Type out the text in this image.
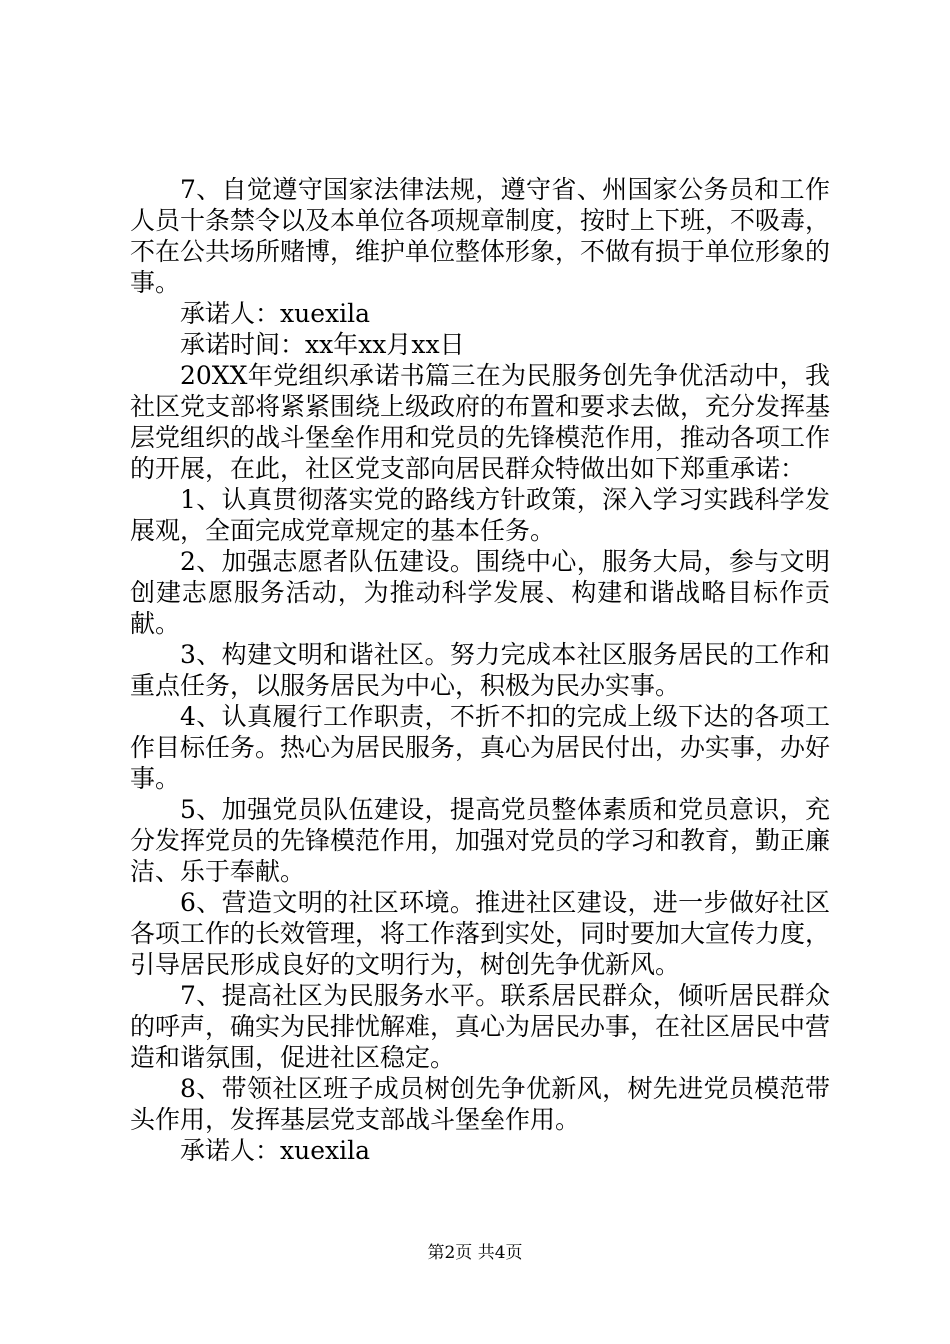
7、自觉遵守国家法律法规，遵守省、州国家公务员和工作人员十条禁令以及本单位各项规章制度，按时上下班，不吸毒，不在公共场所赌博，维护单位整体形象，不做有损于单位形象的事。

承诺人：xuexila

承诺时间：xx年xx月xx日

20XX年党组织承诺书篇三在为民服务创先争优活动中，我社区党支部将紧紧围绕上级政府的布置和要求去做，充分发挥基层党组织的战斗堡垒作用和党员的先锋模范作用，推动各项工作的开展，在此，社区党支部向居民群众特做出如下郑重承诺：

1、认真贯彻落实党的路线方针政策，深入学习实践科学发展观，全面完成党章规定的基本任务。

2、加强志愿者队伍建设。围绕中心，服务大局，参与文明创建志愿服务活动，为推动科学发展、构建和谐战略目标作贡献。

3、构建文明和谐社区。努力完成本社区服务居民的工作和重点任务，以服务居民为中心，积极为民办实事。

4、认真履行工作职责，不折不扣的完成上级下达的各项工作目标任务。热心为居民服务，真心为居民付出，办实事，办好事。

5、加强党员队伍建设，提高党员整体素质和党员意识，充分发挥党员的先锋模范作用，加强对党员的学习和教育，勤正廉洁、乐于奉献。

6、营造文明的社区环境。推进社区建设，进一步做好社区各项工作的长效管理，将工作落到实处，同时要加大宣传力度，引导居民形成良好的文明行为，树创先争优新风。

7、提高社区为民服务水平。联系居民群众，倾听居民群众的呼声，确实为民排忧解难，真心为居民办事，在社区居民中营造和谐氛围，促进社区稳定。

8、带领社区班子成员树创先争优新风，树先进党员模范带头作用，发挥基层党支部战斗堡垒作用。

承诺人：xuexila

第2页 共4页
